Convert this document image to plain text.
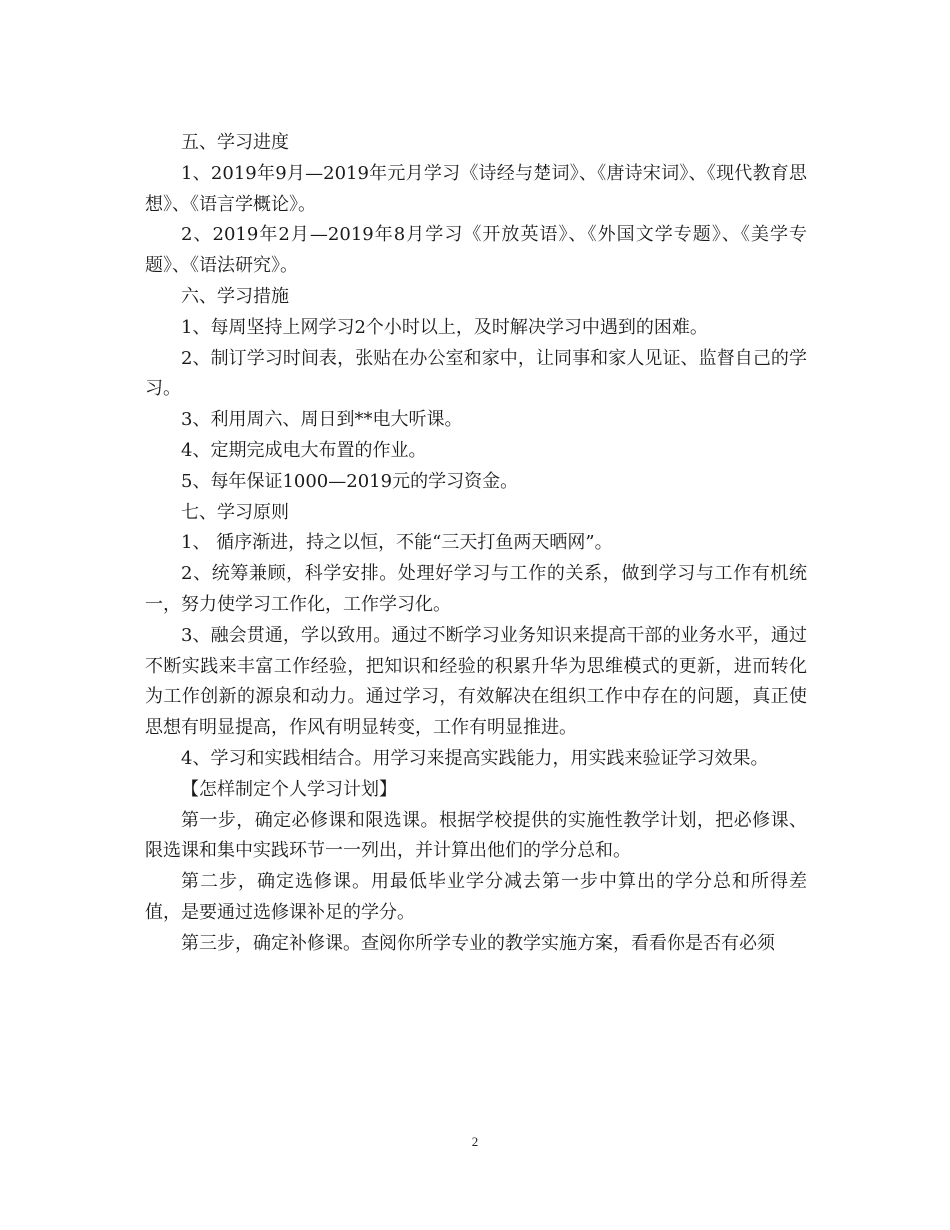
五、学习进度

1、2019年9月—2019年元月学习《诗经与楚词》、《唐诗宋词》、《现代教育思想》、《语言学概论》。

2、2019年2月—2019年8月学习《开放英语》、《外国文学专题》、《美学专题》、《语法研究》。

六、学习措施

1、每周坚持上网学习2个小时以上，及时解决学习中遇到的困难。

2、制订学习时间表，张贴在办公室和家中，让同事和家人见证、监督自己的学习。

3、利用周六、周日到**电大听课。

4、定期完成电大布置的作业。

5、每年保证1000—2019元的学习资金。

七、学习原则

1、 循序渐进，持之以恒，不能“三天打鱼两天晒网”。

2、统筹兼顾，科学安排。处理好学习与工作的关系，做到学习与工作有机统一，努力使学习工作化，工作学习化。

3、融会贯通，学以致用。通过不断学习业务知识来提高干部的业务水平，通过不断实践来丰富工作经验，把知识和经验的积累升华为思维模式的更新，进而转化为工作创新的源泉和动力。通过学习，有效解决在组织工作中存在的问题，真正使思想有明显提高，作风有明显转变，工作有明显推进。

4、学习和实践相结合。用学习来提高实践能力，用实践来验证学习效果。

【怎样制定个人学习计划】

第一步，确定必修课和限选课。根据学校提供的实施性教学计划，把必修课、限选课和集中实践环节一一列出，并计算出他们的学分总和。

第二步，确定选修课。用最低毕业学分减去第一步中算出的学分总和所得差值，是要通过选修课补足的学分。

第三步，确定补修课。查阅你所学专业的教学实施方案，看看你是否有必须

2
